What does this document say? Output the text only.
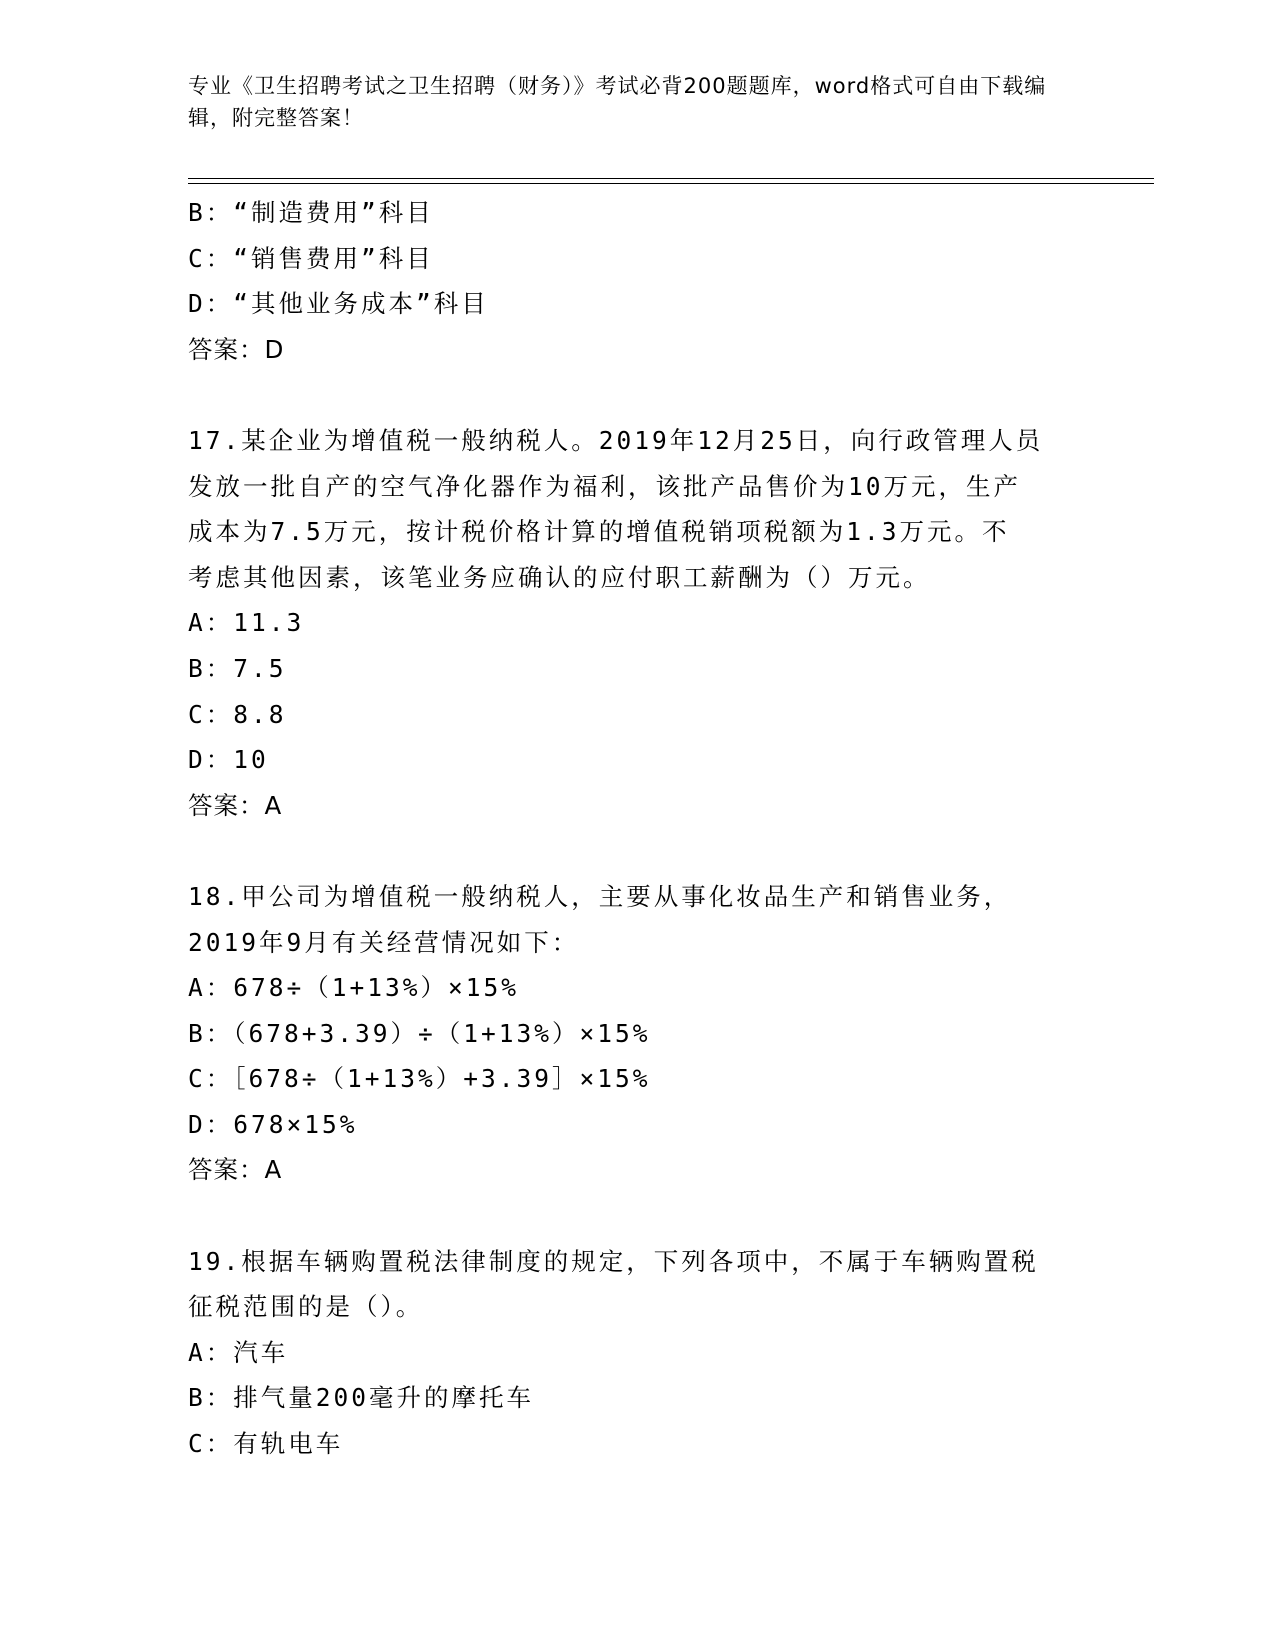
专业《卫生招聘考试之卫生招聘（财务）》考试必背200题题库，word格式可自由下载编辑，附完整答案！
B：“制造费用”科目
C：“销售费用”科目
D：“其他业务成本”科目
答案：D
17.某企业为增值税一般纳税人。2019年12月25日，向行政管理人员
发放一批自产的空气净化器作为福利，该批产品售价为10万元，生产
成本为7.5万元，按计税价格计算的增值税销项税额为1.3万元。不
考虑其他因素，该笔业务应确认的应付职工薪酬为（）万元。
A：11.3
B：7.5
C：8.8
D：10
答案：A
18.甲公司为增值税一般纳税人，主要从事化妆品生产和销售业务，
2019年9月有关经营情况如下：
A：678÷（1+13%）×15%
B：（678+3.39）÷（1+13%）×15%
C：［678÷（1+13%）+3.39］×15%
D：678×15%
答案：A
19.根据车辆购置税法律制度的规定，下列各项中，不属于车辆购置税
征税范围的是（）。
A：汽车
B：排气量200毫升的摩托车
C：有轨电车
